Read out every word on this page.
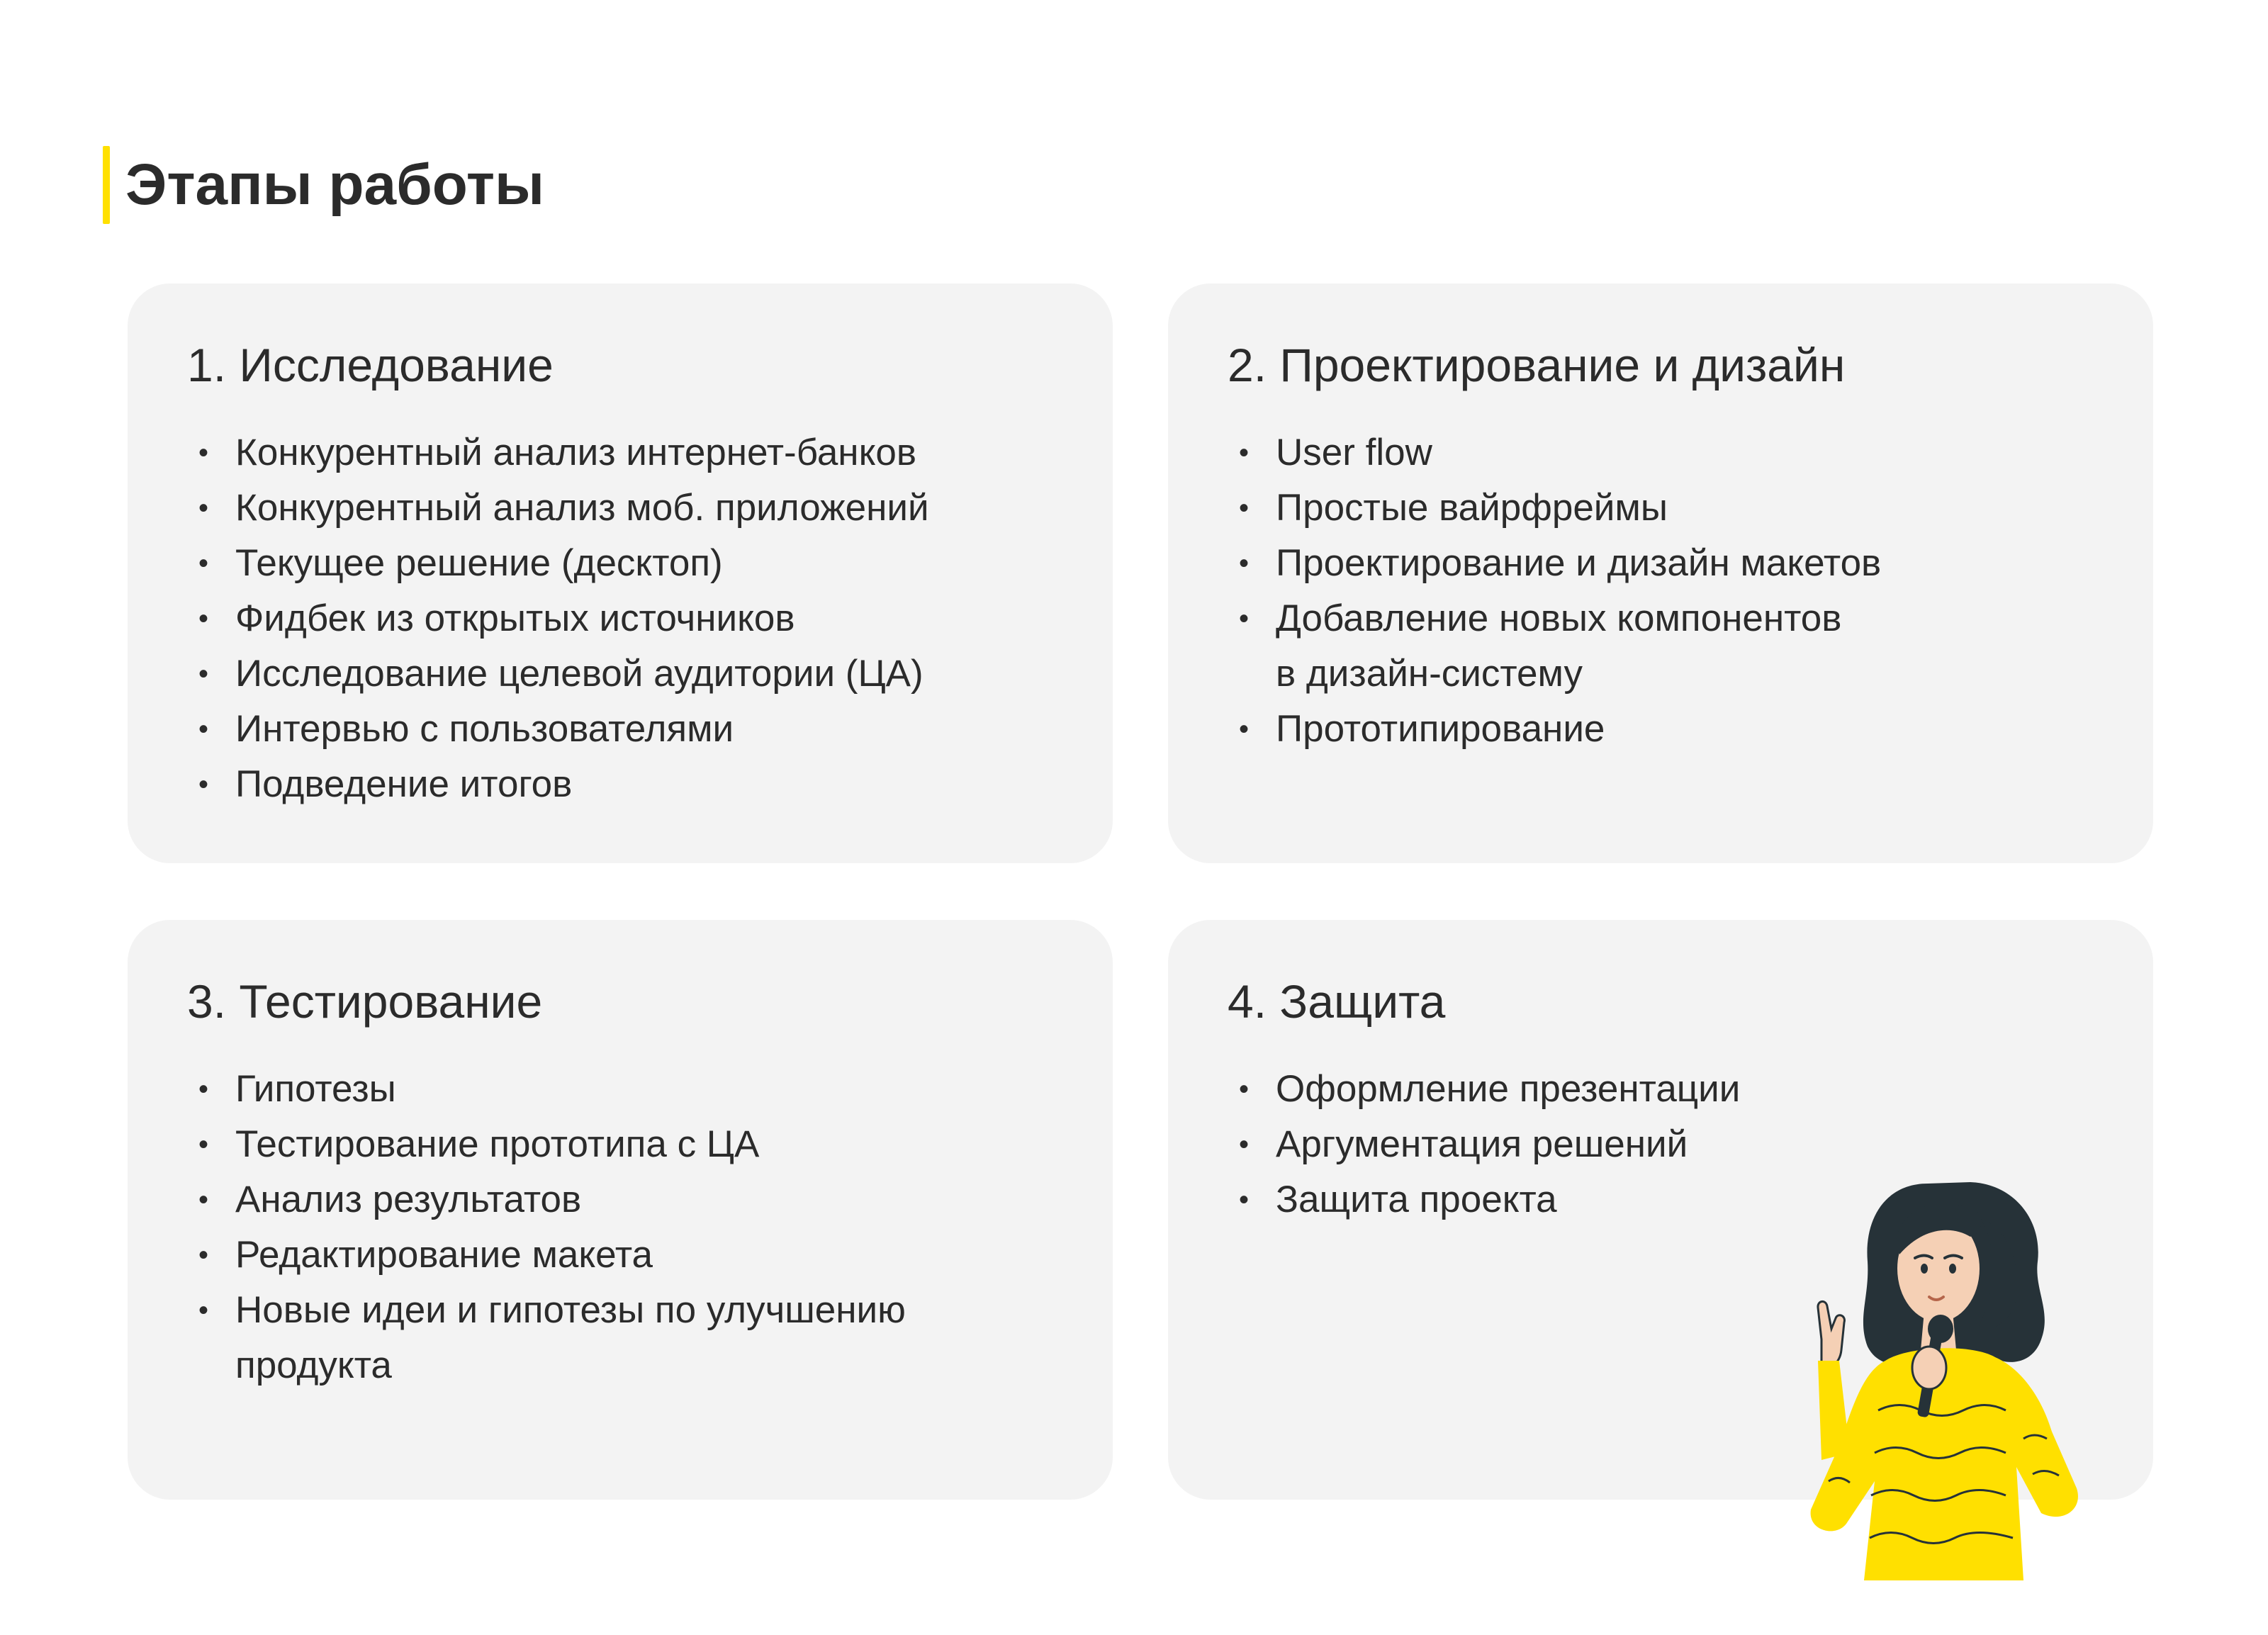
Этапы работы
1. Исследование
• Конкурентный анализ интернет-банков
• Конкурентный анализ моб. приложений
• Текущее решение (десктоп)
• Фидбек из открытых источников
• Исследование целевой аудитории (ЦА)
• Интервью с пользователями
• Подведение итогов
2. Проектирование и дизайн
• User flow
• Простые вайрфреймы
• Проектирование и дизайн макетов
• Добавление новых компонентов
в дизайн-систему
• Прототипирование
3. Тестирование
• Гипотезы
• Тестирование прототипа с ЦА
• Анализ результатов
• Редактирование макета
• Новые идеи и гипотезы по улучшению
продукта
4. Защита
• Оформление презентации
• Аргументация решений
• Защита проекта
